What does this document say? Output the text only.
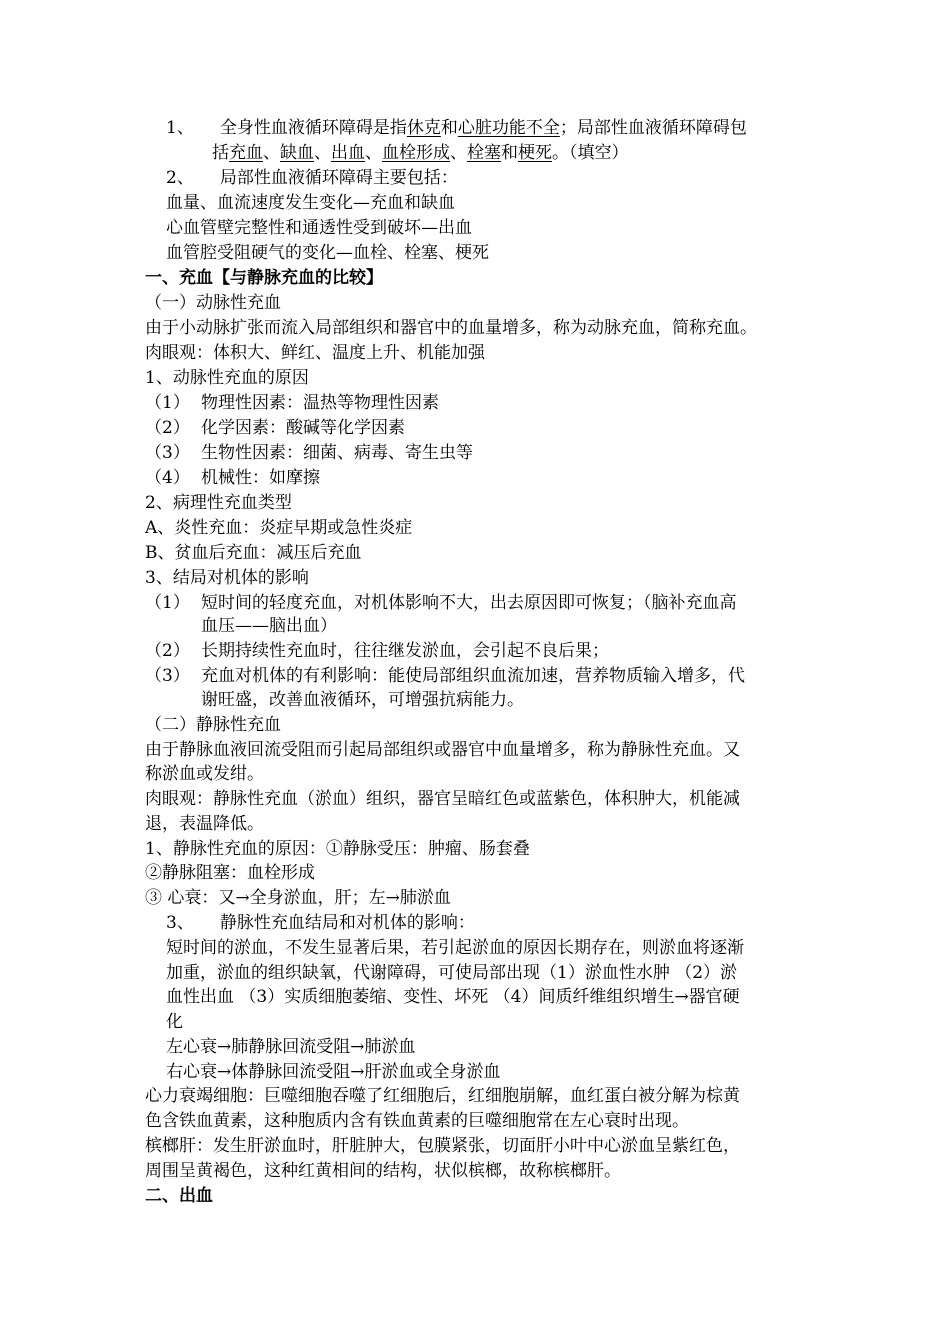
1、 全身性血液循环障碍是指休克和心脏功能不全；局部性血液循环障碍包
括充血、缺血、出血、血栓形成、栓塞和梗死。（填空）
2、 局部性血液循环障碍主要包括：
血量、血流速度发生变化—充血和缺血
心血管壁完整性和通透性受到破坏—出血
血管腔受阻硬气的变化—血栓、栓塞、梗死
一、充血【与静脉充血的比较】
（一）动脉性充血
由于小动脉扩张而流入局部组织和器官中的血量增多，称为动脉充血，简称充血。
肉眼观：体积大、鲜红、温度上升、机能加强
1、动脉性充血的原因
（1） 物理性因素：温热等物理性因素
（2） 化学因素：酸碱等化学因素
（3） 生物性因素：细菌、病毒、寄生虫等
（4） 机械性：如摩擦
2、病理性充血类型
A、炎性充血：炎症早期或急性炎症
B、贫血后充血：减压后充血
3、结局对机体的影响
（1） 短时间的轻度充血，对机体影响不大，出去原因即可恢复；（脑补充血高
血压——脑出血）
（2） 长期持续性充血时，往往继发淤血，会引起不良后果；
（3） 充血对机体的有利影响：能使局部组织血流加速，营养物质输入增多，代
谢旺盛，改善血液循环，可增强抗病能力。
（二）静脉性充血
由于静脉血液回流受阻而引起局部组织或器官中血量增多，称为静脉性充血。又
称淤血或发绀。
肉眼观：静脉性充血（淤血）组织，器官呈暗红色或蓝紫色，体积肿大，机能减
退，表温降低。
1、静脉性充血的原因：①静脉受压：肿瘤、肠套叠
②静脉阻塞：血栓形成
③ 心衰：又→全身淤血，肝；左→肺淤血
3、 静脉性充血结局和对机体的影响：
短时间的淤血，不发生显著后果，若引起淤血的原因长期存在，则淤血将逐渐
加重，淤血的组织缺氧，代谢障碍，可使局部出现（1）淤血性水肿 （2）淤
血性出血 （3）实质细胞萎缩、变性、坏死 （4）间质纤维组织增生→器官硬
化
左心衰→肺静脉回流受阻→肺淤血
右心衰→体静脉回流受阻→肝淤血或全身淤血
心力衰竭细胞：巨噬细胞吞噬了红细胞后，红细胞崩解，血红蛋白被分解为棕黄
色含铁血黄素，这种胞质内含有铁血黄素的巨噬细胞常在左心衰时出现。
槟榔肝：发生肝淤血时，肝脏肿大，包膜紧张，切面肝小叶中心淤血呈紫红色，
周围呈黄褐色，这种红黄相间的结构，状似槟榔，故称槟榔肝。
二、出血
